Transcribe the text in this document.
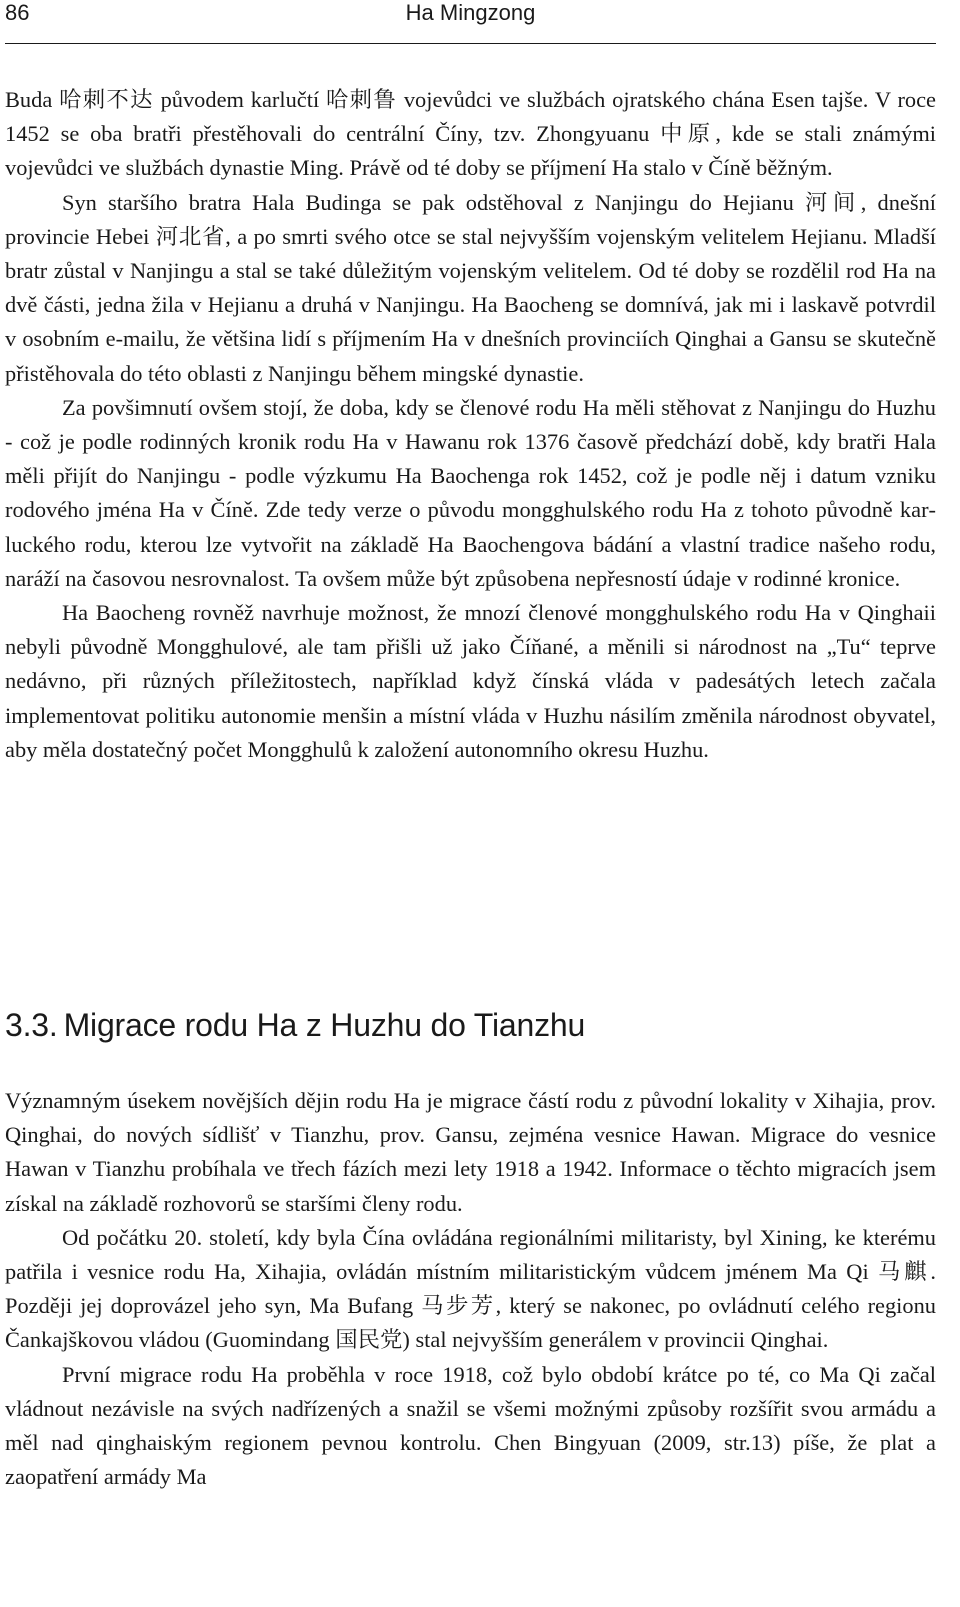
86	Ha Mingzong

Buda 哈刺不达 původem karlučtí 哈刺鲁 vojevůdci ve službách ojratského chána Esen tajše. V roce 1452 se oba bratři přestěhovali do centrální Číny, tzv. Zhongyuanu 中原, kde se stali známými vojevůdci ve službách dynastie Ming. Právě od té doby se příjmení Ha stalo v Číně běžným.

Syn staršího bratra Hala Budinga se pak odstěhoval z Nanjingu do Hejianu 河间, dnešní provincie Hebei 河北省, a po smrti svého otce se stal nejvyšším vojenským velitelem Hejianu. Mladší bratr zůstal v Nanjingu a stal se také důležitým vojenským velitelem. Od té doby se rozdělil rod Ha na dvě části, jedna žila v Hejianu a druhá v Nanjingu. Ha Baocheng se domnívá, jak mi i laskavě potvrdil v osobním e-mailu, že většina lidí s příjmením Ha v dnešních provinciích Qinghai a Gansu se skutečně přistěhovala do této oblasti z Nanjingu během mingské dynastie.

Za povšimnutí ovšem stojí, že doba, kdy se členové rodu Ha měli stěhovat z Nanjingu do Huzhu - což je podle rodinných kronik rodu Ha v Hawanu rok 1376 časově předchází době, kdy bratři Hala měli přijít do Nanjingu - podle výzkumu Ha Baochenga rok 1452, což je podle něj i datum vzniku rodového jména Ha v Číně. Zde tedy verze o původu mongghulského rodu Ha z tohoto původně karluckého rodu, kterou lze vytvořit na základě Ha Baochengova bádání a vlastní tradice našeho rodu, naráží na časovou nesrovnalost. Ta ovšem může být způsobena nepřesností údaje v rodinné kronice.

Ha Baocheng rovněž navrhuje možnost, že mnozí členové mongghulského rodu Ha v Qinghaii nebyli původně Mongghulové, ale tam přišli už jako Číňané, a měnili si národnost na „Tu“ teprve nedávno, při různých příležitostech, například když čínská vláda v padesátých letech začala implementovat politiku autonomie menšin a místní vláda v Huzhu násilím změnila národnost obyvatel, aby měla dostatečný počet Mongghulů k založení autonomního okresu Huzhu.

3.3. Migrace rodu Ha z Huzhu do Tianzhu

Významným úsekem novějších dějin rodu Ha je migrace částí rodu z původní lokality v Xihajia, prov. Qinghai, do nových sídlišť v Tianzhu, prov. Gansu, zejména vesnice Hawan. Migrace do vesnice Hawan v Tianzhu probíhala ve třech fázích mezi lety 1918 a 1942. Informace o těchto migracích jsem získal na základě rozhovorů se staršími členy rodu.

Od počátku 20. století, kdy byla Čína ovládána regionálními militaristy, byl Xining, ke kterému patřila i vesnice rodu Ha, Xihajia, ovládán místním militaristickým vůdcem jménem Ma Qi 马麒. Později jej doprovázel jeho syn, Ma Bufang 马步芳, který se nakonec, po ovládnutí celého regionu Čankajškovou vládou (Guomindang 国民党) stal nejvyšším generálem v provincii Qinghai.

První migrace rodu Ha proběhla v roce 1918, což bylo období krátce po té, co Ma Qi začal vládnout nezávisle na svých nadřízených a snažil se všemi možnými způsoby rozšířit svou armádu a měl nad qinghaiským regionem pevnou kontrolu. Chen Bingyuan (2009, str.13) píše, že plat a zaopatření armády Ma
